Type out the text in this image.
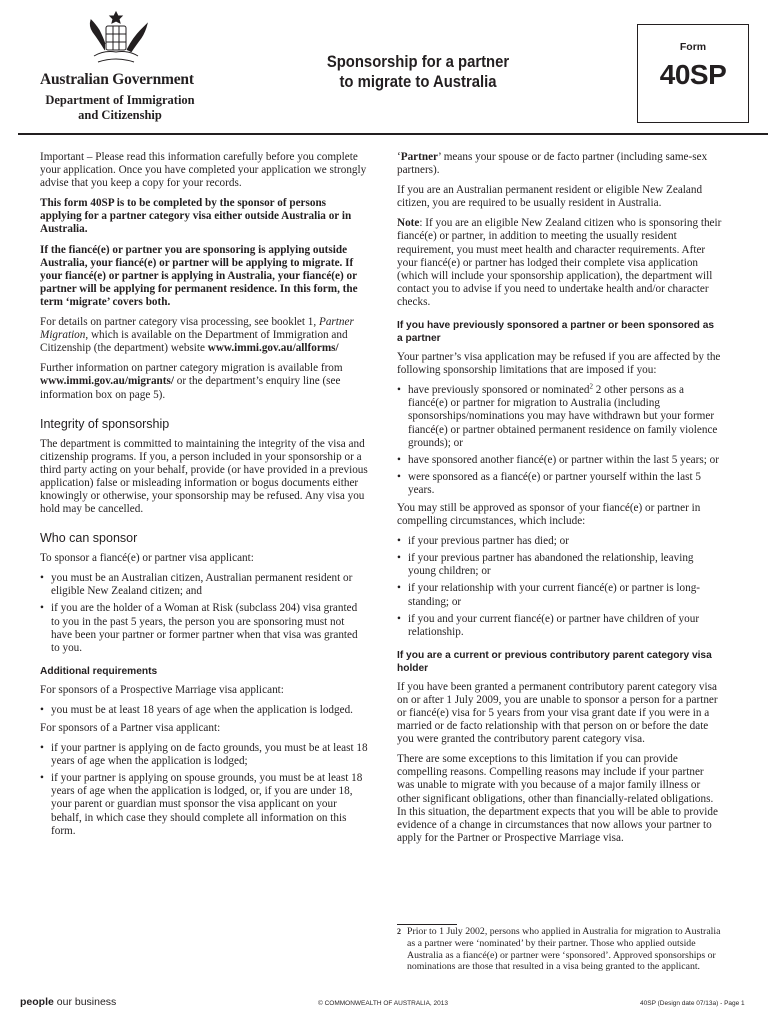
Australian Government
Department of Immigration
and Citizenship
Sponsorship for a partner
to migrate to Australia
Form
40SP

Important – Please read this information carefully before you complete your application. Once you have completed your application we strongly advise that you keep a copy for your records.

This form 40SP is to be completed by the sponsor of persons applying for a partner category visa either outside Australia or in Australia.

If the fiancé(e) or partner you are sponsoring is applying outside Australia, your fiancé(e) or partner will be applying to migrate. If your fiancé(e) or partner is applying in Australia, your fiancé(e) or partner will be applying for permanent residence. In this form, the term ‘migrate’ covers both.

For details on partner category visa processing, see booklet 1, Partner Migration, which is available on the Department of Immigration and Citizenship (the department) website www.immi.gov.au/allforms/

Further information on partner category migration is available from www.immi.gov.au/migrants/ or the department’s enquiry line (see information box on page 5).

Integrity of sponsorship

The department is committed to maintaining the integrity of the visa and citizenship programs. If you, a person included in your sponsorship or a third party acting on your behalf, provide (or have provided in a previous application) false or misleading information or bogus documents either knowingly or otherwise, your sponsorship may be refused. Any visa you hold may be cancelled.

Who can sponsor

To sponsor a fiancé(e) or partner visa applicant:

• you must be an Australian citizen, Australian permanent resident or eligible New Zealand citizen; and
• if you are the holder of a Woman at Risk (subclass 204) visa granted to you in the past 5 years, the person you are sponsoring must not have been your partner or former partner when that visa was granted to you.
Additional requirements

For sponsors of a Prospective Marriage visa applicant:

• you must be at least 18 years of age when the application is lodged.

For sponsors of a Partner visa applicant:

• if your partner is applying on de facto grounds, you must be at least 18 years of age when the application is lodged;
• if your partner is applying on spouse grounds, you must be at least 18 years of age when the application is lodged, or, if you are under 18, your parent or guardian must sponsor the visa applicant on your behalf, in which case they should complete all information on this form.

‘Partner’ means your spouse or de facto partner (including same-sex partners).

If you are an Australian permanent resident or eligible New Zealand citizen, you are required to be usually resident in Australia.

Note: If you are an eligible New Zealand citizen who is sponsoring their fiancé(e) or partner, in addition to meeting the usually resident requirement, you must meet health and character requirements. After your fiancé(e) or partner has lodged their complete visa application (which will include your sponsorship application), the department will contact you to advise if you need to undertake health and/or character checks.

If you have previously sponsored a partner or been sponsored as a partner

Your partner’s visa application may be refused if you are affected by the following sponsorship limitations that are imposed if you:

• have previously sponsored or nominated$^2$ 2 other persons as a fiancé(e) or partner for migration to Australia (including sponsorships/nominations you may have withdrawn but your former fiancé(e) or partner obtained permanent residence on family violence grounds); or
• have sponsored another fiancé(e) or partner within the last 5 years; or
• were sponsored as a fiancé(e) or partner yourself within the last 5 years.

You may still be approved as sponsor of your fiancé(e) or partner in compelling circumstances, which include:

• if your previous partner has died; or
• if your previous partner has abandoned the relationship, leaving young children; or
• if your relationship with your current fiancé(e) or partner is long-standing; or
• if you and your current fiancé(e) or partner have children of your relationship.
If you are a current or previous contributory parent category visa holder

If you have been granted a permanent contributory parent category visa on or after 1 July 2009, you are unable to sponsor a person for a partner or fiancé(e) visa for 5 years from your visa grant date if you were in a married or de facto relationship with that person on or before the date you were granted the contributory parent category visa.

There are some exceptions to this limitation if you can provide compelling reasons. Compelling reasons may include if your partner was unable to migrate with you because of a major family illness or other significant obligations, other than financially-related obligations. In this situation, the department expects that you will be able to provide evidence of a change in circumstances that now allows your partner to apply for the Partner or Prospective Marriage visa.

2 Prior to 1 July 2002, persons who applied in Australia for migration to Australia as a partner were ‘nominated’ by their partner. Those who applied outside Australia as a fiancé(e) or partner were ‘sponsored’. Approved sponsorships or nominations are those that resulted in a visa being granted to the applicant.
people our business	© COMMONWEALTH OF AUSTRALIA, 2013	40SP (Design date 07/13a) - Page 1
